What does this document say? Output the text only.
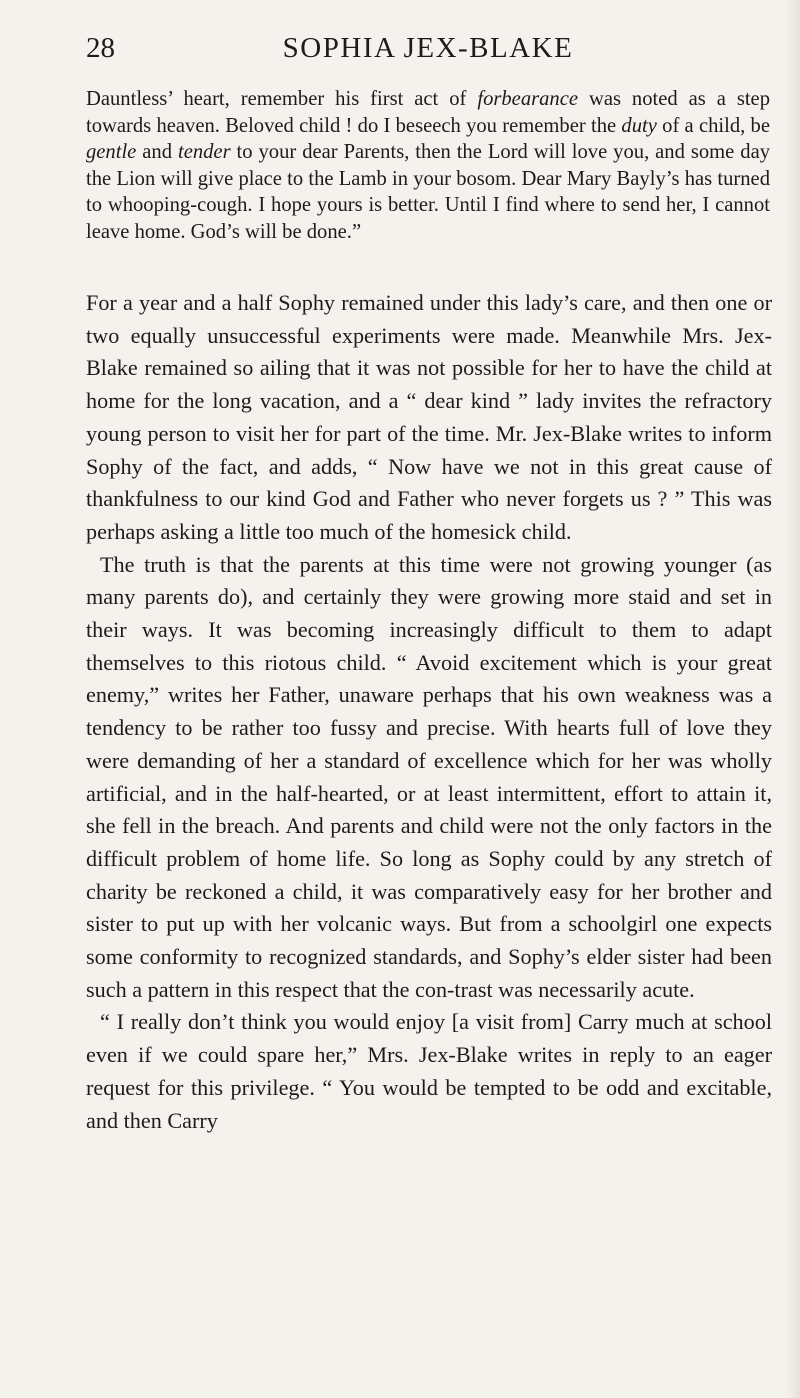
28	SOPHIA JEX-BLAKE

Dauntless’ heart, remember his first act of forbearance was noted as a step towards heaven. Beloved child ! do I beseech you remember the duty of a child, be gentle and tender to your dear Parents, then the Lord will love you, and some day the Lion will give place to the Lamb in your bosom. Dear Mary Bayly’s has turned to whooping-cough. I hope yours is better. Until I find where to send her, I cannot leave home. God’s will be done.”

For a year and a half Sophy remained under this lady’s care, and then one or two equally unsuccessful experiments were made. Meanwhile Mrs. Jex-Blake remained so ailing that it was not possible for her to have the child at home for the long vacation, and a “ dear kind ” lady invites the refractory young person to visit her for part of the time. Mr. Jex-Blake writes to inform Sophy of the fact, and adds, “ Now have we not in this great cause of thankfulness to our kind God and Father who never forgets us ? ” This was perhaps asking a little too much of the homesick child.

The truth is that the parents at this time were not growing younger (as many parents do), and certainly they were growing more staid and set in their ways. It was becoming increasingly difficult to them to adapt themselves to this riotous child. “ Avoid excitement which is your great enemy,” writes her Father, unaware perhaps that his own weakness was a tendency to be rather too fussy and precise. With hearts full of love they were demanding of her a standard of excellence which for her was wholly artificial, and in the half-hearted, or at least intermittent, effort to attain it, she fell in the breach. And parents and child were not the only factors in the difficult problem of home life. So long as Sophy could by any stretch of charity be reckoned a child, it was comparatively easy for her brother and sister to put up with her volcanic ways. But from a schoolgirl one expects some conformity to recognized standards, and Sophy’s elder sister had been such a pattern in this respect that the con-trast was necessarily acute.

“ I really don’t think you would enjoy [a visit from] Carry much at school even if we could spare her,” Mrs. Jex-Blake writes in reply to an eager request for this privilege. “ You would be tempted to be odd and excitable, and then Carry
